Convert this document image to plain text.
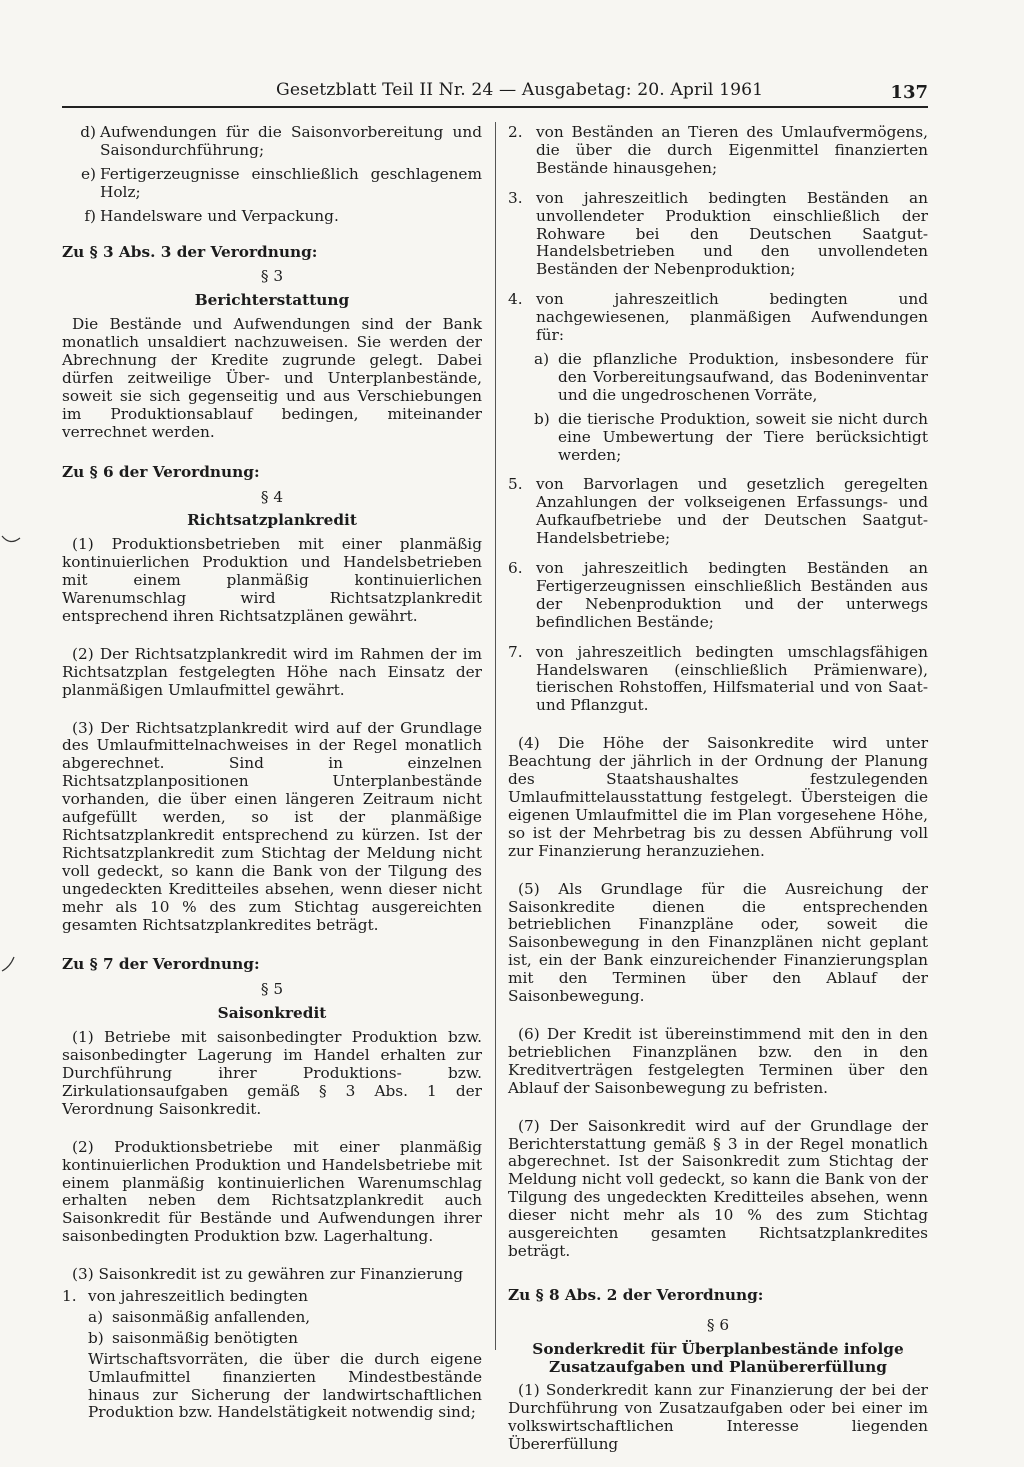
Gesetzblatt Teil II Nr. 24 — Ausgabetag: 20. April 1961	137
d) Aufwendungen für die Saisonvorbereitung und Saisondurchführung;
e) Fertigerzeugnisse einschließlich geschlagenem Holz;
f) Handelsware und Verpackung.

Zu § 3 Abs. 3 der Verordnung:

§ 3

Berichterstattung

Die Bestände und Aufwendungen sind der Bank monatlich unsaldiert nachzuweisen. Sie werden der Abrechnung der Kredite zugrunde gelegt. Dabei dürfen zeitweilige Über- und Unterplanbestände, soweit sie sich gegenseitig und aus Verschiebungen im Produktionsablauf bedingen, miteinander verrechnet werden.

Zu § 6 der Verordnung:

§ 4

Richtsatzplankredit

(1) Produktionsbetrieben mit einer planmäßig kontinuierlichen Produktion und Handelsbetrieben mit einem planmäßig kontinuierlichen Warenumschlag wird Richtsatzplankredit entsprechend ihren Richtsatzplänen gewährt.

(2) Der Richtsatzplankredit wird im Rahmen der im Richtsatzplan festgelegten Höhe nach Einsatz der planmäßigen Umlaufmittel gewährt.

(3) Der Richtsatzplankredit wird auf der Grundlage des Umlaufmittelnachweises in der Regel monatlich abgerechnet. Sind in einzelnen Richtsatzplanpositionen Unterplanbestände vorhanden, die über einen längeren Zeitraum nicht aufgefüllt werden, so ist der planmäßige Richtsatzplankredit entsprechend zu kürzen. Ist der Richtsatzplankredit zum Stichtag der Meldung nicht voll gedeckt, so kann die Bank von der Tilgung des ungedeckten Kreditteiles absehen, wenn dieser nicht mehr als 10 % des zum Stichtag ausgereichten gesamten Richtsatzplankredites beträgt.

Zu § 7 der Verordnung:

§ 5

Saisonkredit

(1) Betriebe mit saisonbedingter Produktion bzw. saisonbedingter Lagerung im Handel erhalten zur Durchführung ihrer Produktions- bzw. Zirkulationsaufgaben gemäß § 3 Abs. 1 der Verordnung Saisonkredit.

(2) Produktionsbetriebe mit einer planmäßig kontinuierlichen Produktion und Handelsbetriebe mit einem planmäßig kontinuierlichen Warenumschlag erhalten neben dem Richtsatzplankredit auch Saisonkredit für Bestände und Aufwendungen ihrer saisonbedingten Produktion bzw. Lagerhaltung.

(3) Saisonkredit ist zu gewähren zur Finanzierung

1. von jahreszeitlich bedingten
a) saisonmäßig anfallenden,
b) saisonmäßig benötigten

Wirtschaftsvorräten, die über die durch eigene Umlaufmittel finanzierten Mindestbestände hinaus zur Sicherung der landwirtschaftlichen Produktion bzw. Handelstätigkeit notwendig sind;

2. von Beständen an Tieren des Umlaufvermögens, die über die durch Eigenmittel finanzierten Bestände hinausgehen;
3. von jahreszeitlich bedingten Beständen an unvollendeter Produktion einschließlich der Rohware bei den Deutschen Saatgut-Handelsbetrieben und den unvollendeten Beständen der Nebenproduktion;
4. von jahreszeitlich bedingten und nachgewiesenen, planmäßigen Aufwendungen für:
a) die pflanzliche Produktion, insbesondere für den Vorbereitungsaufwand, das Bodeninventar und die ungedroschenen Vorräte,
b) die tierische Produktion, soweit sie nicht durch eine Umbewertung der Tiere berücksichtigt werden;
5. von Barvorlagen und gesetzlich geregelten Anzahlungen der volkseigenen Erfassungs- und Aufkaufbetriebe und der Deutschen Saatgut-Handelsbetriebe;
6. von jahreszeitlich bedingten Beständen an Fertigerzeugnissen einschließlich Beständen aus der Nebenproduktion und der unterwegs befindlichen Bestände;
7. von jahreszeitlich bedingten umschlagsfähigen Handelswaren (einschließlich Prämienware), tierischen Rohstoffen, Hilfsmaterial und von Saat- und Pflanzgut.

(4) Die Höhe der Saisonkredite wird unter Beachtung der jährlich in der Ordnung der Planung des Staatshaushaltes festzulegenden Umlaufmittelausstattung festgelegt. Übersteigen die eigenen Umlaufmittel die im Plan vorgesehene Höhe, so ist der Mehrbetrag bis zu dessen Abführung voll zur Finanzierung heranzuziehen.

(5) Als Grundlage für die Ausreichung der Saisonkredite dienen die entsprechenden betrieblichen Finanzpläne oder, soweit die Saisonbewegung in den Finanzplänen nicht geplant ist, ein der Bank einzureichender Finanzierungsplan mit den Terminen über den Ablauf der Saisonbewegung.

(6) Der Kredit ist übereinstimmend mit den in den betrieblichen Finanzplänen bzw. den in den Kreditverträgen festgelegten Terminen über den Ablauf der Saisonbewegung zu befristen.

(7) Der Saisonkredit wird auf der Grundlage der Berichterstattung gemäß § 3 in der Regel monatlich abgerechnet. Ist der Saisonkredit zum Stichtag der Meldung nicht voll gedeckt, so kann die Bank von der Tilgung des ungedeckten Kreditteiles absehen, wenn dieser nicht mehr als 10 % des zum Stichtag ausgereichten gesamten Richtsatzplankredites beträgt.

Zu § 8 Abs. 2 der Verordnung:

§ 6

Sonderkredit für Überplanbestände infolge Zusatzaufgaben und Planübererfüllung

(1) Sonderkredit kann zur Finanzierung der bei der Durchführung von Zusatzaufgaben oder bei einer im volkswirtschaftlichen Interesse liegenden Übererfüllung
